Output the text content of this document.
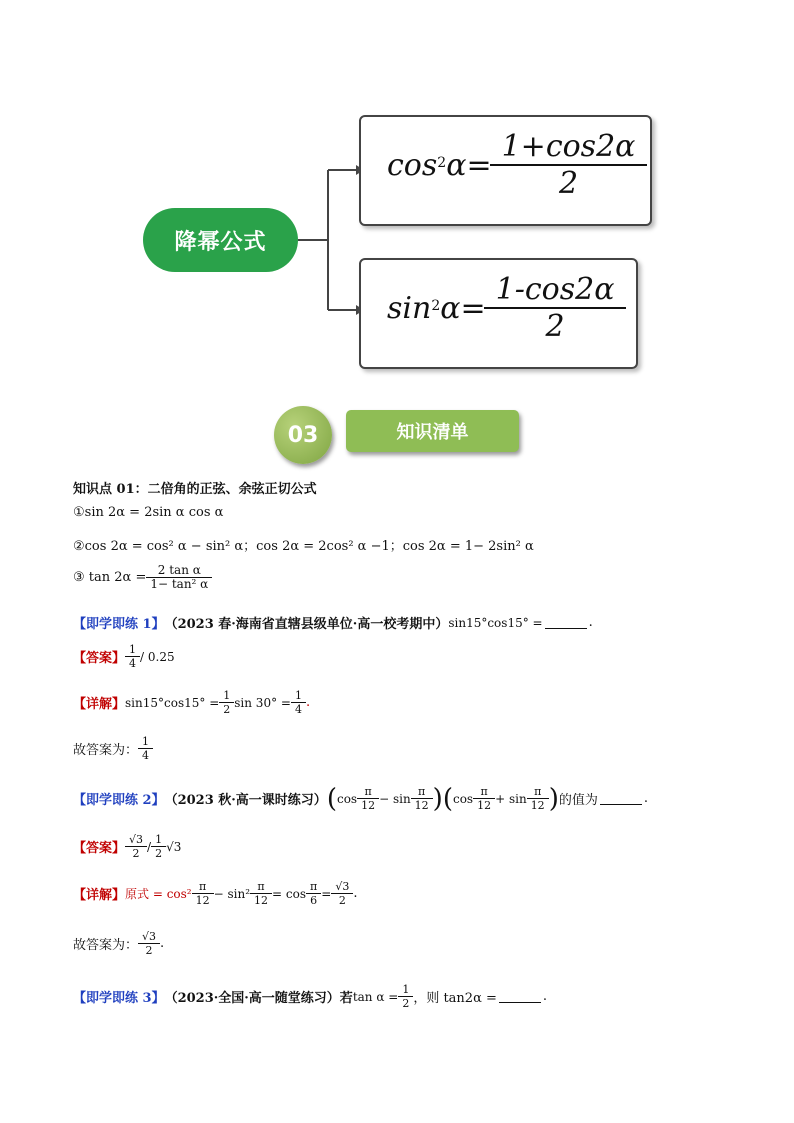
降幂公式
$\cos^2 \alpha= \frac{1+\cos 2\alpha}{2}$
$\sin^2 \alpha= \frac{1-\cos 2\alpha}{2}$
03	知识清单
知识点 01：二倍角的正弦、余弦正切公式
①sin 2α = 2sin α cos α
②cos 2α = cos² α − sin² α；cos 2α = 2cos² α −1；cos 2α = 1− 2sin² α
③ $\tan 2\alpha = \frac{\text{2 tan α}}{\text{1− tan² α}}$
【即学即练 1】 （2023 春·海南省直辖县级单位·高一校考期中） sin15°cos15° =	.
【答案】 $\frac{1}{4} / 0.25$
【详解】 $\sin 15^\circ\cos 15^\circ = \frac{1}{2}$ $\sin 30^\circ = \frac{1}{4}$ .
故答案为： $\frac{1}{4}$
【即学即练 2】 （2023 秋·高一课时练习） ( cos π
12 − sin π
12 ) ( cos π
12 + sin π
12 ) 的值为	.
【答案】 $\frac{√3}{2} / \frac{1}{2} √3$
【详解】 原式 = cos²
π
$12 - \sin^2 \frac{\pi}{12} = \cos \frac{\pi}{6} = \frac{√3}{2}$ .
故答案为： $\frac{√3}{2}$ .
【即学即练 3】 （2023·全国·高一随堂练习）若 $\tan \alpha = \frac{1}{2}$ ，则 tan2α =	.
